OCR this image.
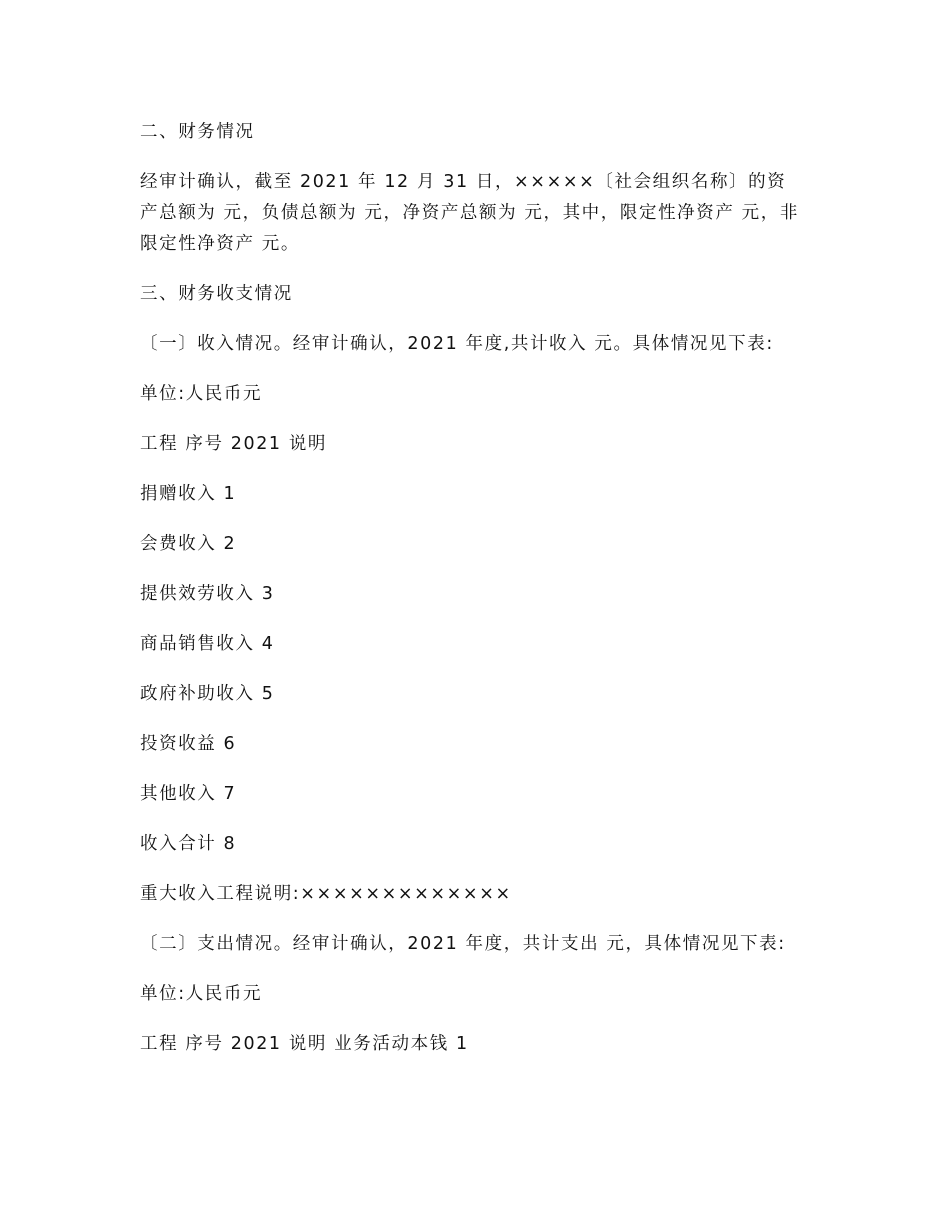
二、财务情况

经审计确认，截至 2021 年 12 月 31 日，×××××〔社会组织名称〕的资产总额为 元，负债总额为 元，净资产总额为 元，其中，限定性净资产 元，非限定性净资产 元。

三、财务收支情况

〔一〕收入情况。经审计确认，2021 年度,共计收入 元。具体情况见下表:

单位:人民币元

工程 序号 2021 说明

捐赠收入 1

会费收入 2

提供效劳收入 3

商品销售收入 4

政府补助收入 5

投资收益 6

其他收入 7

收入合计 8

重大收入工程说明:×××××××××××××

〔二〕支出情况。经审计确认，2021 年度，共计支出 元，具体情况见下表:

单位:人民币元

工程 序号 2021 说明 业务活动本钱 1
